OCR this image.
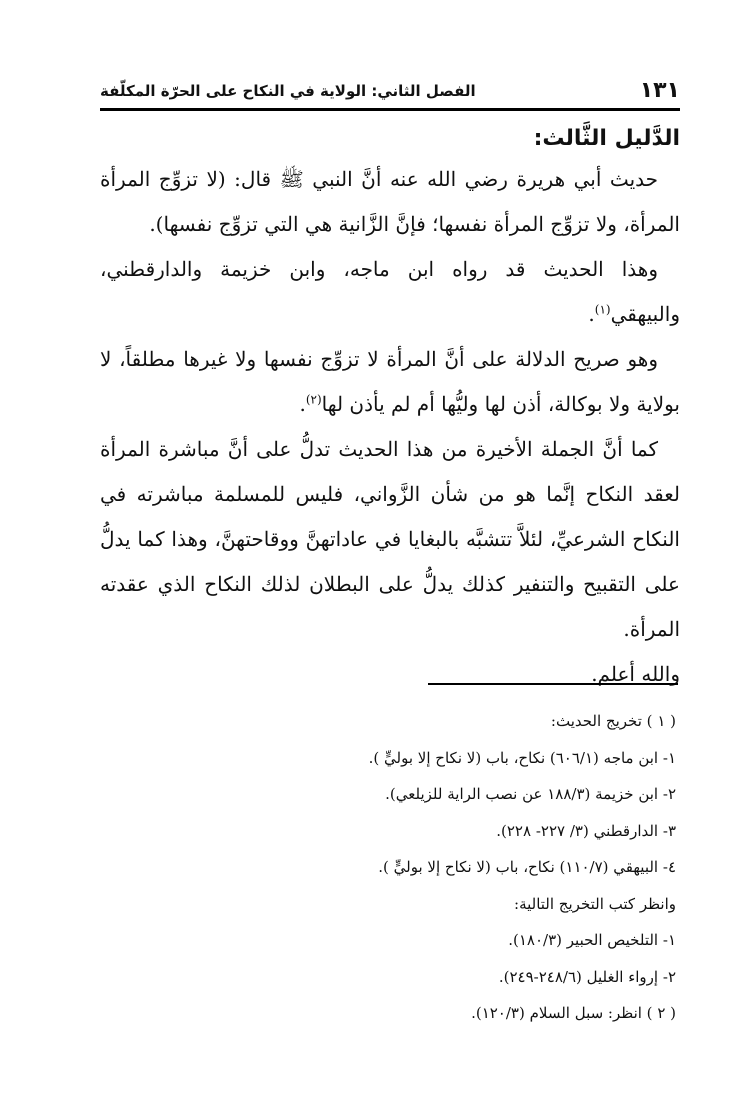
١٣١
الفصل الثاني: الولاية في النكاح على الحرّة المكلّفة
الدَّليل الثَّالث:

حديث أبي هريرة رضي الله عنه أنَّ النبي ﷺ قال: (لا تزوِّج المرأة المرأة، ولا تزوِّج المرأة نفسها؛ فإنَّ الزَّانية هي التي تزوِّج نفسها).

وهذا الحديث قد رواه ابن ماجه، وابن خزيمة والدارقطني، والبيهقي$^{(١)}$.

وهو صريح الدلالة على أنَّ المرأة لا تزوِّج نفسها ولا غيرها مطلقاً، لا بولاية ولا بوكالة، أذن لها وليُّها أم لم يأذن لها$^{(٢)}$.

كما أنَّ الجملة الأخيرة من هذا الحديث تدلُّ على أنَّ مباشرة المرأة لعقد النكاح إنَّما هو من شأن الزَّواني، فليس للمسلمة مباشرته في النكاح الشرعيِّ، لئلاَّ تتشبَّه بالبغايا في عاداتهنَّ ووقاحتهنَّ، وهذا كما يدلُّ على التقبيح والتنفير كذلك يدلُّ على البطلان لذلك النكاح الذي عقدته المرأة.

والله أعلم.

( ١ ) تخريج الحديث:
١- ابن ماجه (٦٠٦/١) نكاح، باب (لا نكاح إلا بوليٍّ ).
٢- ابن خزيمة (١٨٨/٣ عن نصب الراية للزيلعي).
٣- الدارقطني (٣/ ٢٢٧- ٢٢٨).
٤- البيهقي (١١٠/٧) نكاح، باب (لا نكاح إلا بوليٍّ ).
وانظر كتب التخريج التالية:
١- التلخيص الحبير (١٨٠/٣).
٢- إرواء الغليل (٢٤٨/٦-٢٤٩).
( ٢ ) انظر: سبل السلام (١٢٠/٣).
